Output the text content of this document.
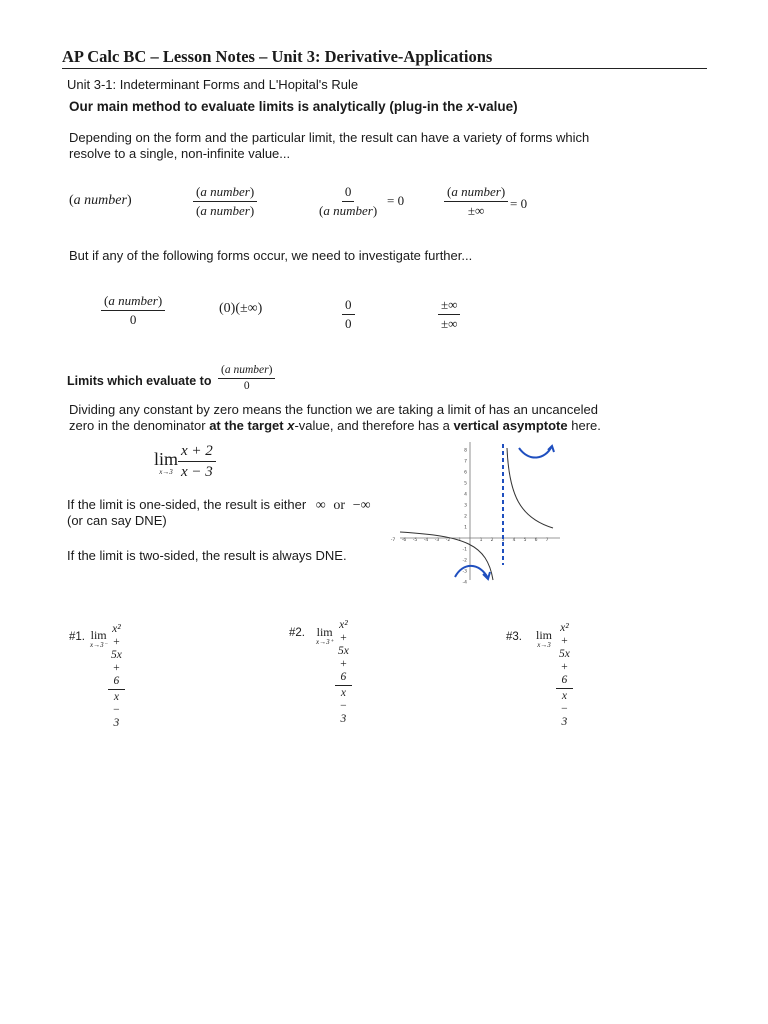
AP Calc BC – Lesson Notes – Unit 3: Derivative-Applications
Unit 3-1: Indeterminant Forms and L'Hopital's Rule
Our main method to evaluate limits is analytically (plug-in the x-value)
Depending on the form and the particular limit, the result can have a variety of forms which
resolve to a single, non-infinite value...
(a number)
(a number)
(a number)
0
(a number)
= 0
(a number)
±∞ = 0
But if any of the following forms occur, we need to investigate further...
(a number)
0
(0)(±∞)	$\frac{0}{0}$	±∞
±∞
Limits which evaluate to
(a number)
0
Dividing any constant by zero means the function we are taking a limit of has an uncanceled
zero in the denominator at the target x-value, and therefore has a vertical asymptote here.
lim
$x\to 3 \frac{x + 2}{x - 3}$
If the limit is one-sided, the result is either ∞ or −∞
(or can say DNE)
If the limit is two-sided, the result is always DNE.
-7 -6 -5 -4 -3 -2 -1	1 2 3 4 5 6 7
8
7
6
5
4
3
2
1
-1
-2
-3
-4
#1. lim
$x\to 3^- \frac{\text{x² + 5x + 6}}{x - 3}$	#2. lim
$x\to 3^+ \frac{\text{x² + 5x + 6}}{x - 3}$	#3. lim
$x\to 3 \frac{\text{x² + 5x + 6}}{x - 3}$
